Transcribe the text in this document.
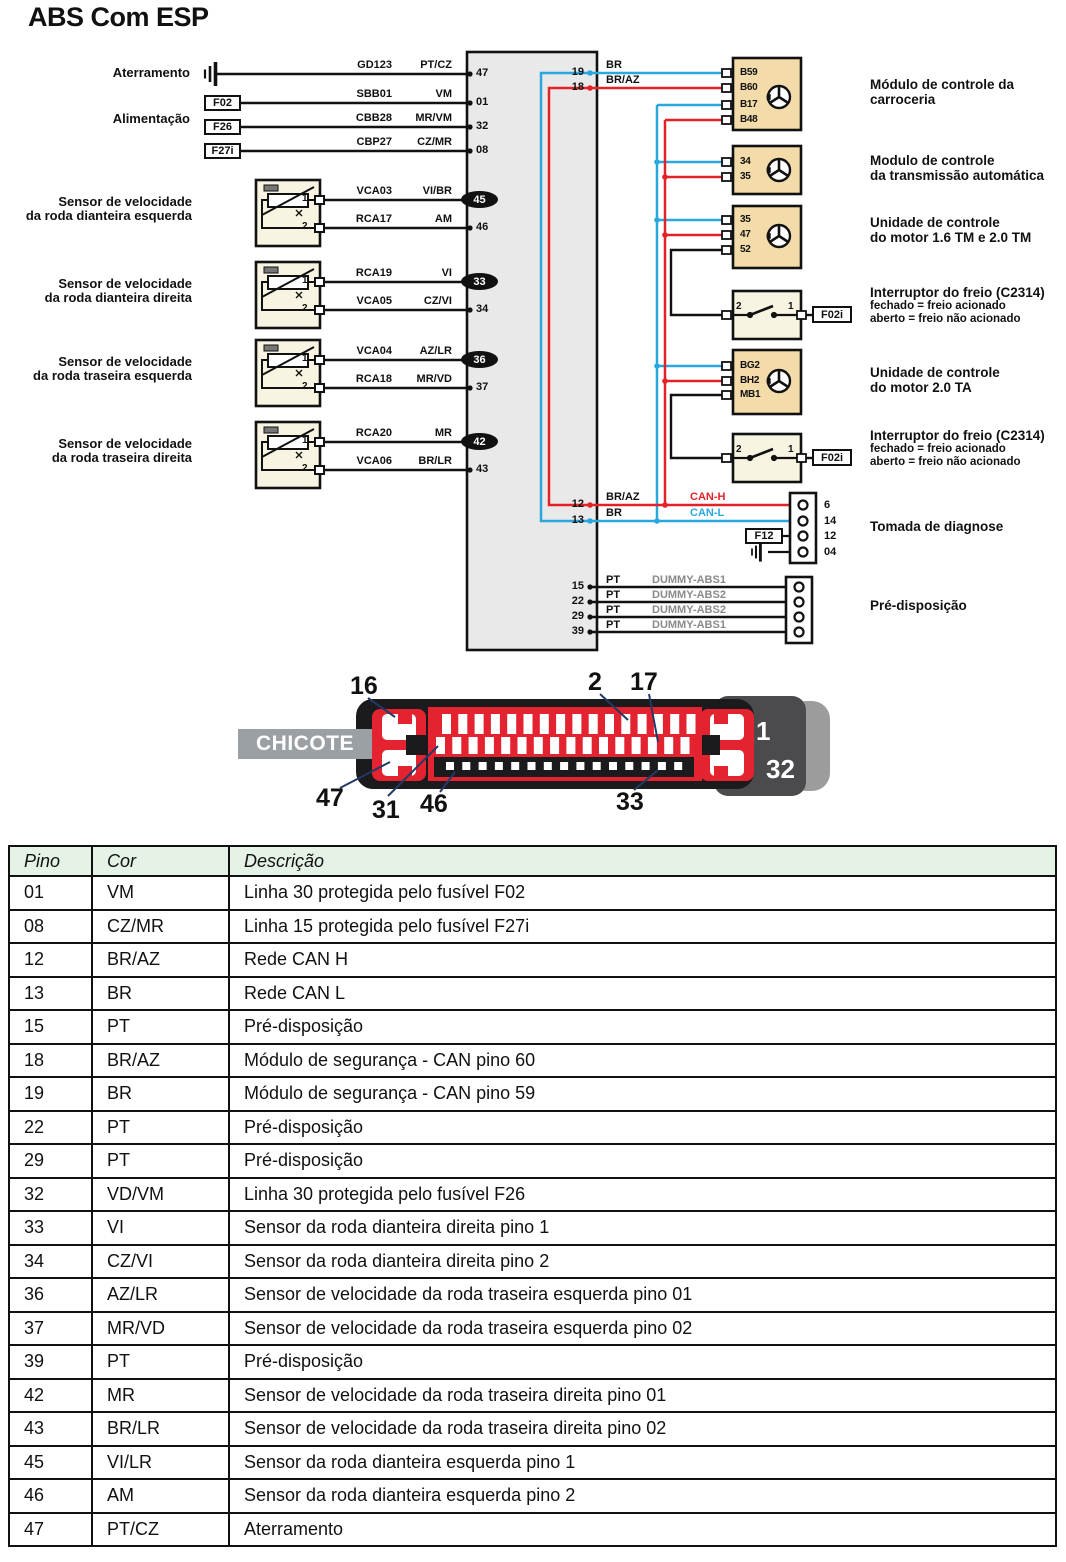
ABS Com ESP
Aterramento
Alimentação
F02
F26
F27i
GD123	PT/CZ
47
SBB01	VM
01
CBB28	MR/VM
32
CBP27	CZ/MR
08
Sensor de velocidade
da roda dianteira esquerda
1
2
VCA03	VI/BR
45
RCA17	AM
46
Sensor de velocidade
da roda dianteira direita
1
2
RCA19	VI
33
VCA05	CZ/VI
34
Sensor de velocidade
da roda traseira esquerda
1
2
VCA04	AZ/LR
36
RCA18	MR/VD
37
Sensor de velocidade
da roda traseira direita
1
2
RCA20	MR
42
VCA06	BR/LR
43
19
18
BR
BR/AZ
B59
B60
B17
B48
34
35
35
47
52
BG2
BH2
MB1
Módulo de controle da
carroceria
Modulo de controle
da transmissão automática
Unidade de controle
do motor 1.6 TM e 2.0 TM
Unidade de controle
do motor 2.0 TA
2	1
F02i
Interruptor do freio (C2314)
fechado = freio acionado
aberto = freio não acionado
2	1
F02i
Interruptor do freio (C2314)
fechado = freio acionado
aberto = freio não acionado
12
13
BR/AZ
BR
CAN-H
CAN-L
F12
6
14
12
04
Tomada de diagnose
15
22
29
39
PT
PT
PT
PT
DUMMY-ABS1
DUMMY-ABS2
DUMMY-ABS2
DUMMY-ABS1
Pré-disposição
CHICOTE
16	2 17
1
32
47 31 46	33
Pino	Cor	Descrição
01	VM	Linha 30 protegida pelo fusível F02
08	CZ/MR	Linha 15 protegida pelo fusível F27i
12	BR/AZ	Rede CAN H
13	BR	Rede CAN L
15	PT	Pré-disposição
18	BR/AZ	Módulo de segurança - CAN pino 60
19	BR	Módulo de segurança - CAN pino 59
22	PT	Pré-disposição
29	PT	Pré-disposição
32	VD/VM	Linha 30 protegida pelo fusível F26
33	VI	Sensor da roda dianteira direita pino 1
34	CZ/VI	Sensor da roda dianteira direita pino 2
36	AZ/LR	Sensor de velocidade da roda traseira esquerda pino 01
37	MR/VD	Sensor de velocidade da roda traseira esquerda pino 02
39	PT	Pré-disposição
42	MR	Sensor de velocidade da roda traseira direita pino 01
43	BR/LR	Sensor de velocidade da roda traseira direita pino 02
45	VI/LR	Sensor da roda dianteira esquerda pino 1
46	AM	Sensor da roda dianteira esquerda pino 2
47	PT/CZ	Aterramento
